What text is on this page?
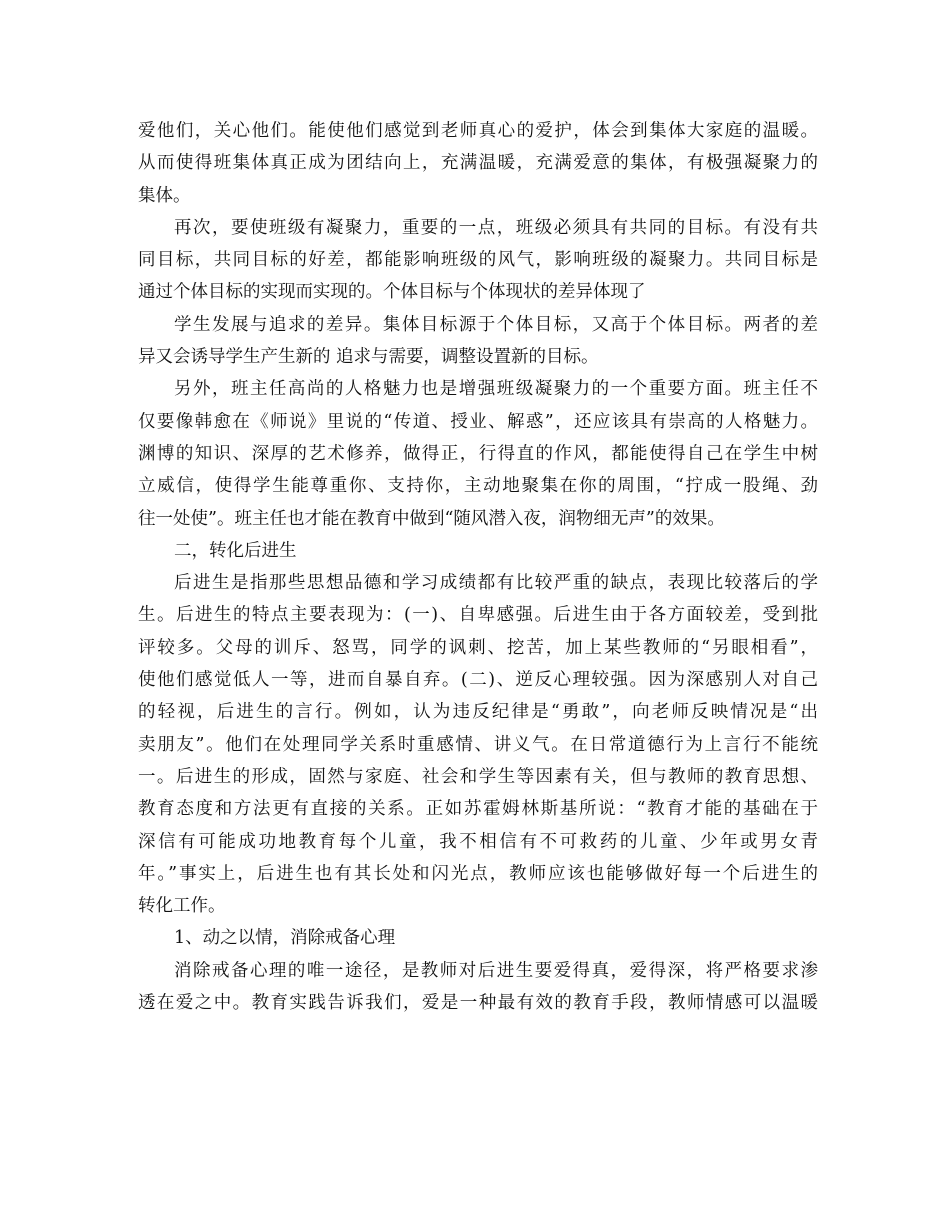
爱他们，关心他们。能使他们感觉到老师真心的爱护，体会到集体大家庭的温暖。
从而使得班集体真正成为团结向上，充满温暖，充满爱意的集体，有极强凝聚力的
集体。
再次，要使班级有凝聚力，重要的一点，班级必须具有共同的目标。有没有共
同目标，共同目标的好差，都能影响班级的风气，影响班级的凝聚力。共同目标是
通过个体目标的实现而实现的。个体目标与个体现状的差异体现了
学生发展与追求的差异。集体目标源于个体目标，又高于个体目标。两者的差
异又会诱导学生产生新的 追求与需要，调整设置新的目标。
另外，班主任高尚的人格魅力也是增强班级凝聚力的一个重要方面。班主任不
仅要像韩愈在《师说》里说的“传道、授业、解惑”，还应该具有崇高的人格魅力。
渊博的知识、深厚的艺术修养，做得正，行得直的作风，都能使得自己在学生中树
立威信，使得学生能尊重你、支持你，主动地聚集在你的周围，“拧成一股绳、劲
往一处使”。班主任也才能在教育中做到“随风潜入夜，润物细无声”的效果。
二，转化后进生
后进生是指那些思想品德和学习成绩都有比较严重的缺点，表现比较落后的学
生。后进生的特点主要表现为：(一)、自卑感强。后进生由于各方面较差，受到批
评较多。父母的训斥、怒骂，同学的讽刺、挖苦，加上某些教师的“另眼相看”，
使他们感觉低人一等，进而自暴自弃。(二)、逆反心理较强。因为深感别人对自己
的轻视，后进生的言行。例如，认为违反纪律是“勇敢”，向老师反映情况是“出
卖朋友”。他们在处理同学关系时重感情、讲义气。在日常道德行为上言行不能统
一。后进生的形成，固然与家庭、社会和学生等因素有关，但与教师的教育思想、
教育态度和方法更有直接的关系。正如苏霍姆林斯基所说：“教育才能的基础在于
深信有可能成功地教育每个儿童，我不相信有不可救药的儿童、少年或男女青
年。”事实上，后进生也有其长处和闪光点，教师应该也能够做好每一个后进生的
转化工作。
1、动之以情，消除戒备心理
消除戒备心理的唯一途径，是教师对后进生要爱得真，爱得深，将严格要求渗
透在爱之中。教育实践告诉我们，爱是一种最有效的教育手段，教师情感可以温暖
